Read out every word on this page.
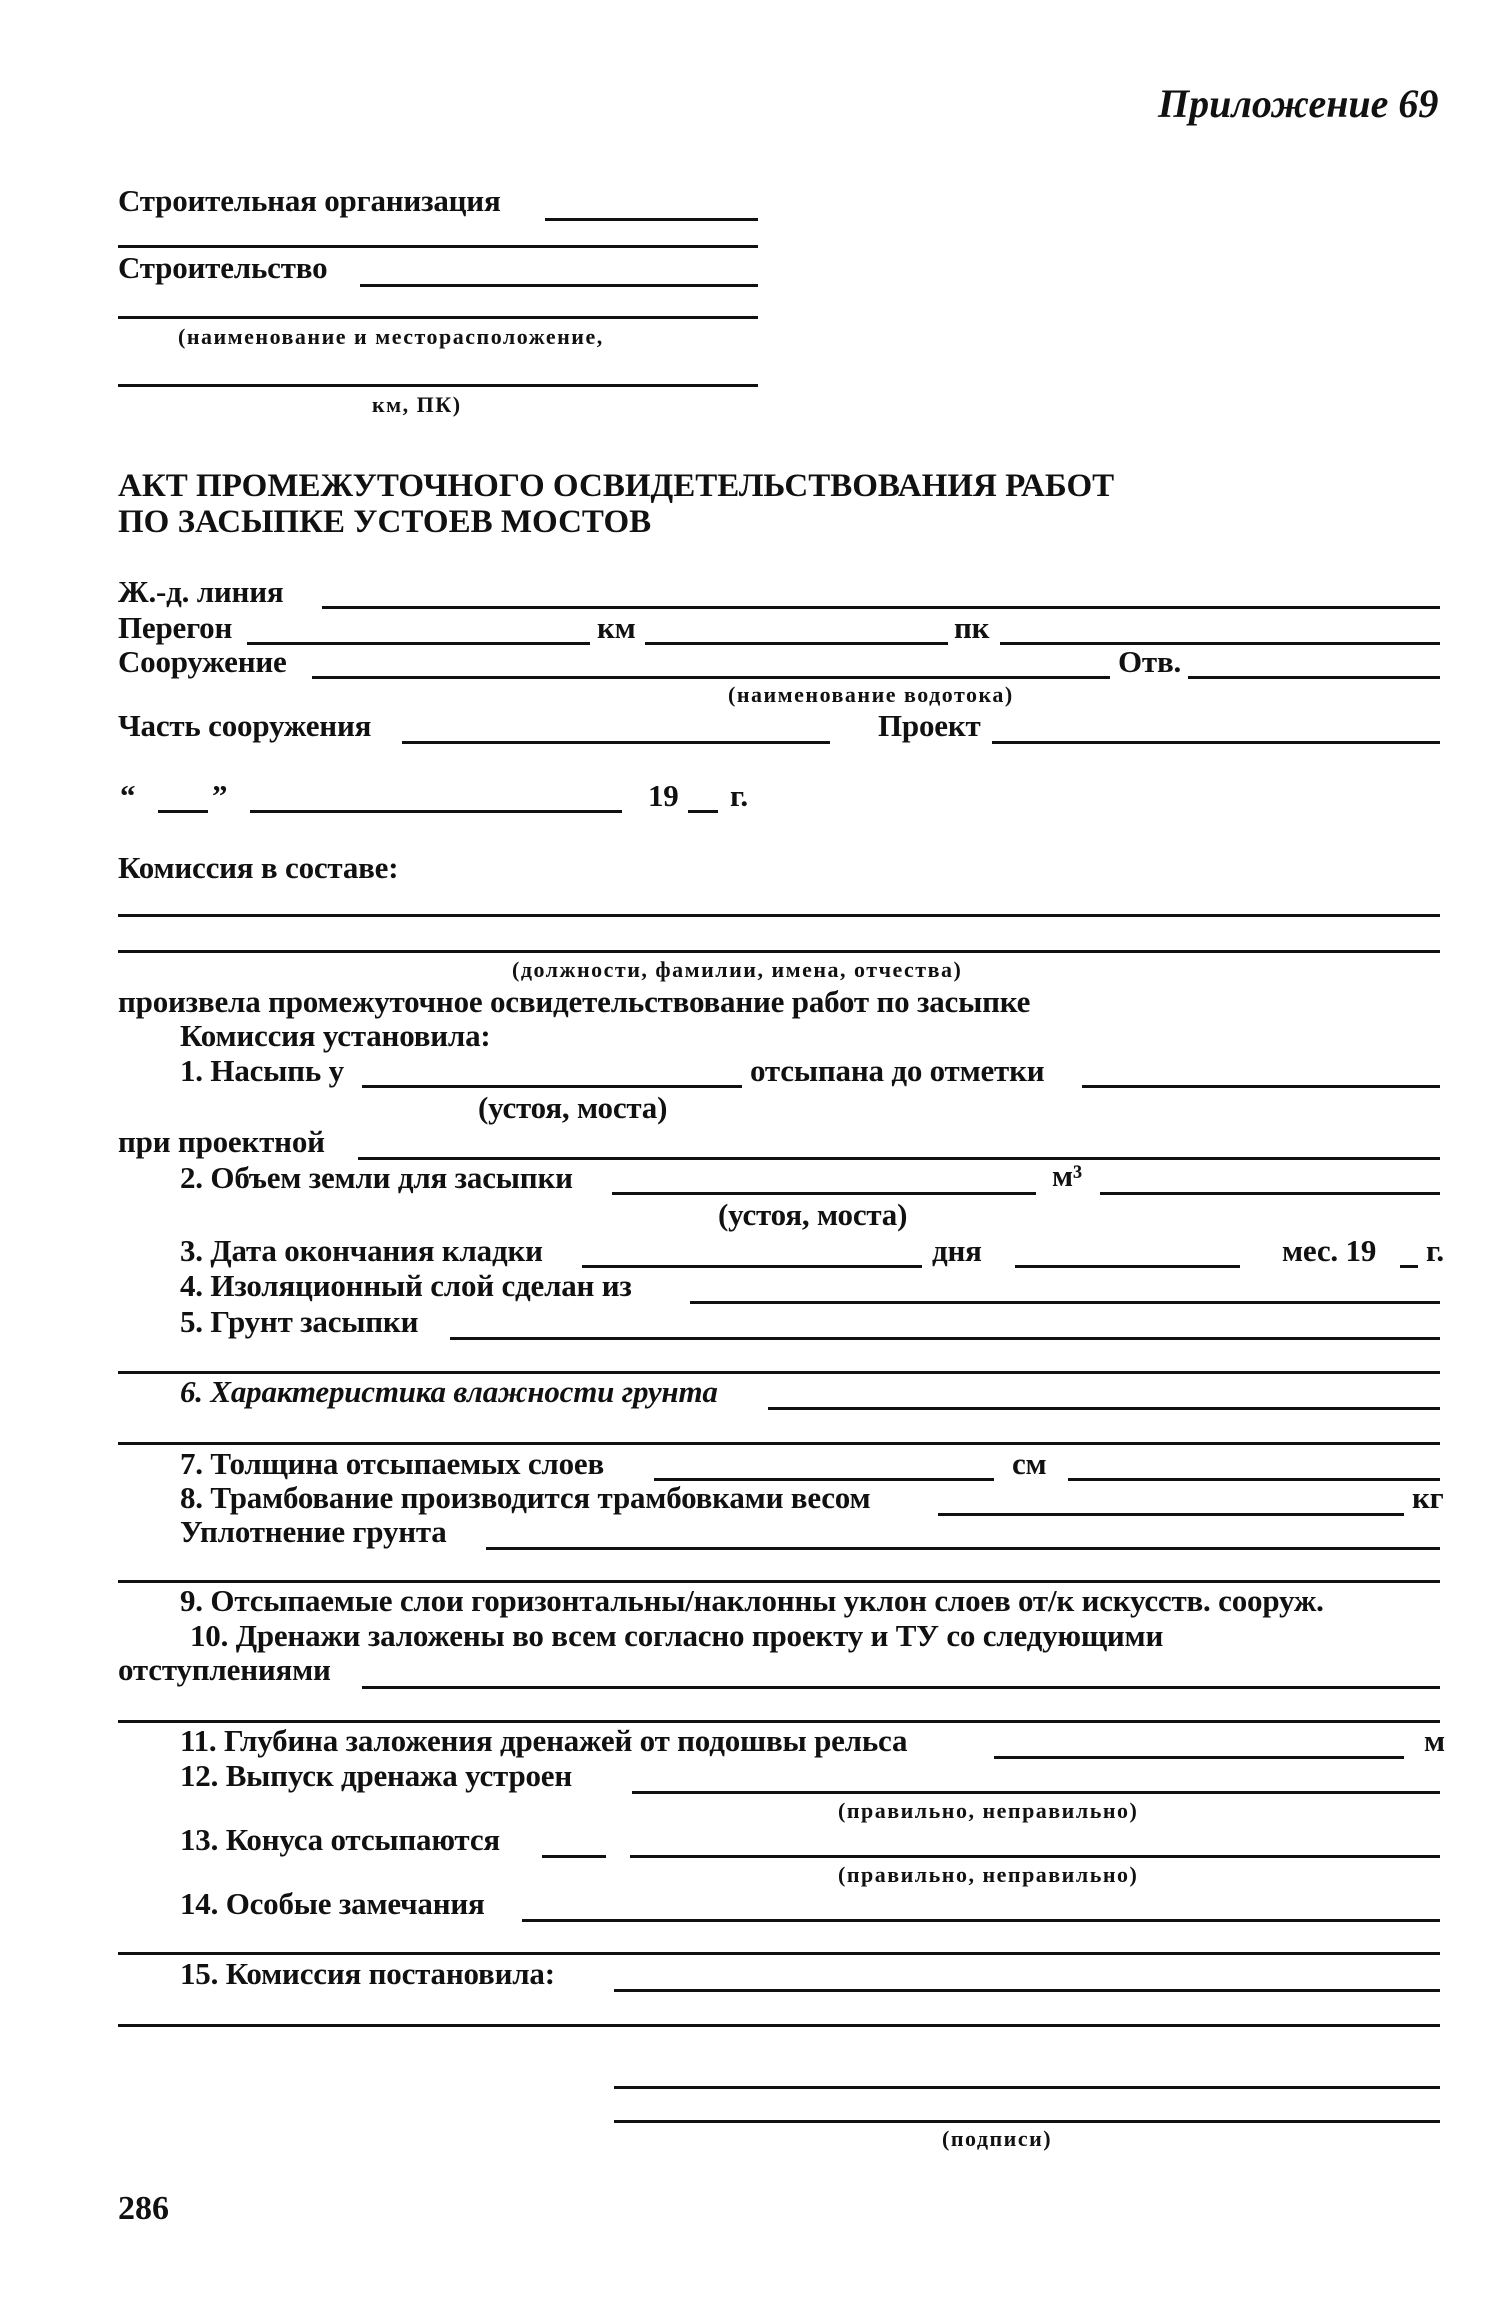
Приложение 69
Строительная организация
Строительство
(наименование и месторасположение,
км, ПК)
АКТ ПРОМЕЖУТОЧНОГО ОСВИДЕТЕЛЬСТВОВАНИЯ РАБОТ
ПО ЗАСЫПКЕ УСТОЕВ МОСТОВ
Ж.-д. линия
Перегон	км	пк
Сооружение	Отв.
(наименование водотока)
Часть сооружения	Проект
“ ”	19 г.
Комиссия в составе:
(должности, фамилии, имена, отчества)
произвела промежуточное освидетельствование работ по засыпке
Комиссия установила:
1. Насыпь у	отсыпана до отметки
(устоя, моста)
при проектной
2. Объем земли для засыпки	м³
(устоя, моста)
3. Дата окончания кладки	дня	мес. 19 г.
4. Изоляционный слой сделан из
5. Грунт засыпки
6. Характеристика влажности грунта
7. Толщина отсыпаемых слоев	см
8. Трамбование производится трамбовками весом	кг
Уплотнение грунта
9. Отсыпаемые слои горизонтальны/наклонны уклон слоев от/к искусств. сооруж.
10. Дренажи заложены во всем согласно проекту и ТУ со следующими
отступлениями
11. Глубина заложения дренажей от подошвы рельса	м
12. Выпуск дренажа устроен
(правильно, неправильно)
13. Конуса отсыпаются
(правильно, неправильно)
14. Особые замечания
15. Комиссия постановила:
(подписи)
286
